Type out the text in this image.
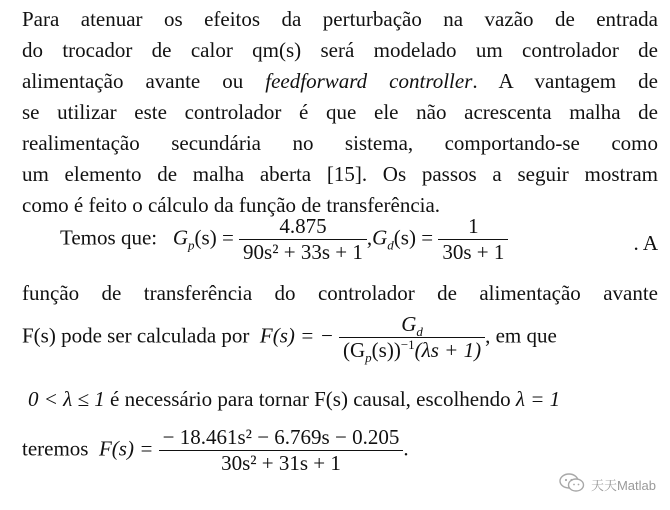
Para atenuar os efeitos da perturbação na vazão de entrada
do trocador de calor qm(s) será modelado um controlador de
alimentação avante ou feedforward controller. A vantagem de
se utilizar este controlador é que ele não acrescenta malha de
realimentação secundária no sistema, comportando-se como
um elemento de malha aberta [15]. Os passos a seguir mostram
como é feito o cálculo da função de transferência.
Temos que: $G_p(s) = \frac{4.875}{\text{90s² + 33s + 1}} ,G_d(s) = \frac{1}{30s + 1}$	. A
função de transferência do controlador de alimentação avante
F(s) pode ser calculada por F(s) = − $\frac{G_d}{(G_p(s))^{-1}(\lambda s + 1)}$ , em que
0 < λ ≤ 1 é necessário para tornar F(s) causal, escolhendo λ = 1
teremos $F(s) = \frac{\text{− 18.461s² − 6.769s − 0.205}}{\text{30s² + 31s + 1}}$ .
天天Matlab
